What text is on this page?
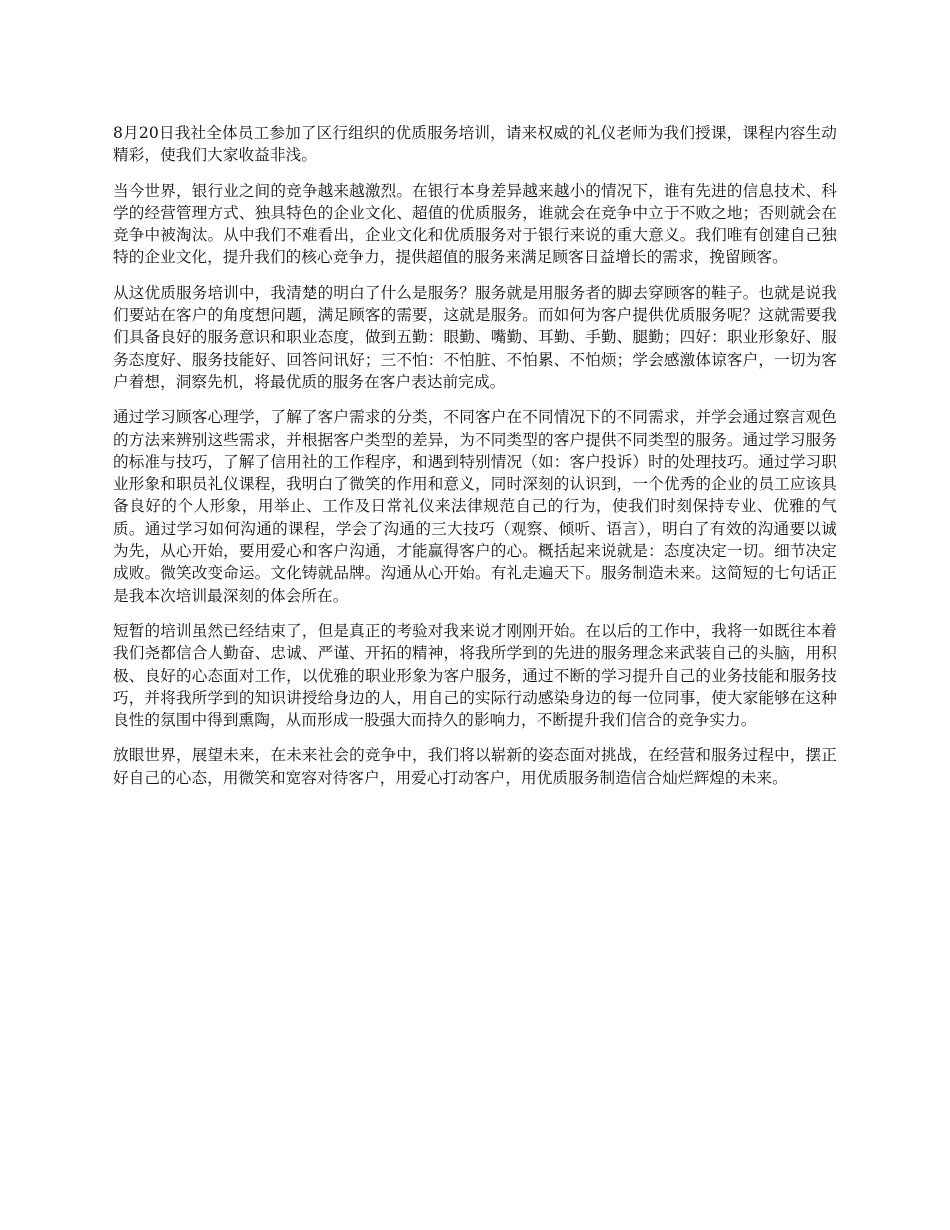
8月20日我社全体员工参加了区行组织的优质服务培训，请来权威的礼仪老师为我们授课，课程内容生动精彩，使我们大家收益非浅。

当今世界，银行业之间的竞争越来越激烈。在银行本身差异越来越小的情况下，谁有先进的信息技术、科学的经营管理方式、独具特色的企业文化、超值的优质服务，谁就会在竞争中立于不败之地；否则就会在竞争中被淘汰。从中我们不难看出，企业文化和优质服务对于银行来说的重大意义。我们唯有创建自己独特的企业文化，提升我们的核心竞争力，提供超值的服务来满足顾客日益增长的需求，挽留顾客。

从这优质服务培训中，我清楚的明白了什么是服务？服务就是用服务者的脚去穿顾客的鞋子。也就是说我们要站在客户的角度想问题，满足顾客的需要，这就是服务。而如何为客户提供优质服务呢？这就需要我们具备良好的服务意识和职业态度，做到五勤：眼勤、嘴勤、耳勤、手勤、腿勤；四好：职业形象好、服务态度好、服务技能好、回答问讯好；三不怕：不怕脏、不怕累、不怕烦；学会感激体谅客户，一切为客户着想，洞察先机，将最优质的服务在客户表达前完成。

通过学习顾客心理学，了解了客户需求的分类，不同客户在不同情况下的不同需求，并学会通过察言观色的方法来辨别这些需求，并根据客户类型的差异，为不同类型的客户提供不同类型的服务。通过学习服务的标准与技巧，了解了信用社的工作程序，和遇到特别情况（如：客户投诉）时的处理技巧。通过学习职业形象和职员礼仪课程，我明白了微笑的作用和意义，同时深刻的认识到，一个优秀的企业的员工应该具备良好的个人形象，用举止、工作及日常礼仪来法律规范自己的行为，使我们时刻保持专业、优雅的气质。通过学习如何沟通的课程，学会了沟通的三大技巧（观察、倾听、语言），明白了有效的沟通要以诚为先，从心开始，要用爱心和客户沟通，才能赢得客户的心。概括起来说就是：态度决定一切。细节决定成败。微笑改变命运。文化铸就品牌。沟通从心开始。有礼走遍天下。服务制造未来。这简短的七句话正是我本次培训最深刻的体会所在。

短暂的培训虽然已经结束了，但是真正的考验对我来说才刚刚开始。在以后的工作中，我将一如既往本着我们尧都信合人勤奋、忠诚、严谨、开拓的精神，将我所学到的先进的服务理念来武装自己的头脑，用积极、良好的心态面对工作，以优雅的职业形象为客户服务，通过不断的学习提升自己的业务技能和服务技巧，并将我所学到的知识讲授给身边的人，用自己的实际行动感染身边的每一位同事，使大家能够在这种良性的氛围中得到熏陶，从而形成一股强大而持久的影响力，不断提升我们信合的竞争实力。

放眼世界，展望未来，在未来社会的竞争中，我们将以崭新的姿态面对挑战，在经营和服务过程中，摆正好自己的心态，用微笑和宽容对待客户，用爱心打动客户，用优质服务制造信合灿烂辉煌的未来。
